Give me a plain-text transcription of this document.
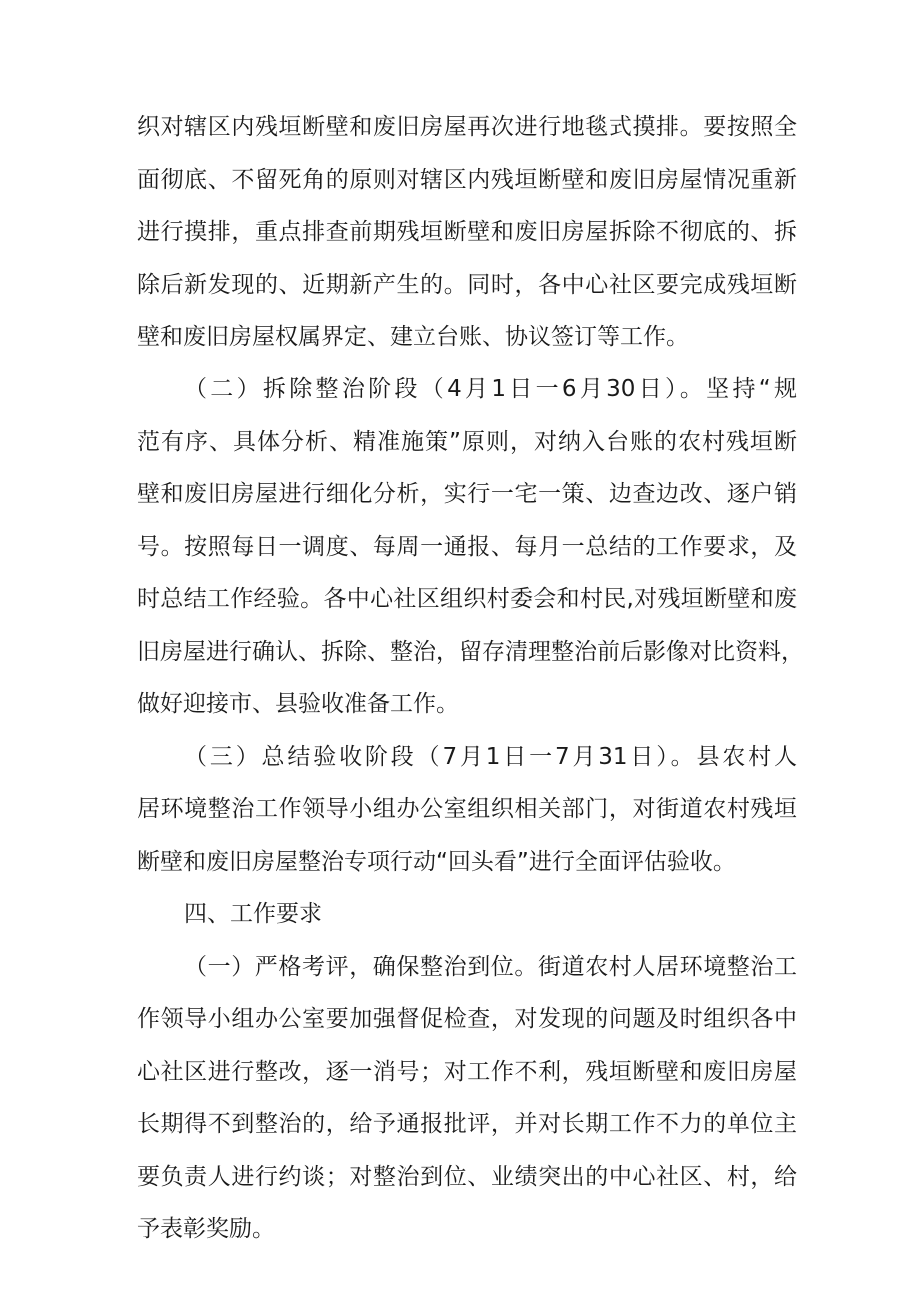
织对辖区内残垣断壁和废旧房屋再次进行地毯式摸排。要按照全
面彻底、不留死角的原则对辖区内残垣断壁和废旧房屋情况重新
进行摸排，重点排查前期残垣断壁和废旧房屋拆除不彻底的、拆
除后新发现的、近期新产生的。同时，各中心社区要完成残垣断
壁和废旧房屋权属界定、建立台账、协议签订等工作。
（二）拆除整治阶段（4月1日一6月30日）。坚持“规
范有序、具体分析、精准施策”原则，对纳入台账的农村残垣断
壁和废旧房屋进行细化分析，实行一宅一策、边查边改、逐户销
号。按照每日一调度、每周一通报、每月一总结的工作要求，及
时总结工作经验。各中心社区组织村委会和村民,对残垣断壁和废
旧房屋进行确认、拆除、整治，留存清理整治前后影像对比资料，
做好迎接市、县验收准备工作。
（三）总结验收阶段（7月1日一7月31日）。县农村人
居环境整治工作领导小组办公室组织相关部门，对街道农村残垣
断壁和废旧房屋整治专项行动“回头看”进行全面评估验收。
四、工作要求
（一）严格考评，确保整治到位。街道农村人居环境整治工
作领导小组办公室要加强督促检查，对发现的问题及时组织各中
心社区进行整改，逐一消号；对工作不利，残垣断壁和废旧房屋
长期得不到整治的，给予通报批评，并对长期工作不力的单位主
要负责人进行约谈；对整治到位、业绩突出的中心社区、村，给
予表彰奖励。
